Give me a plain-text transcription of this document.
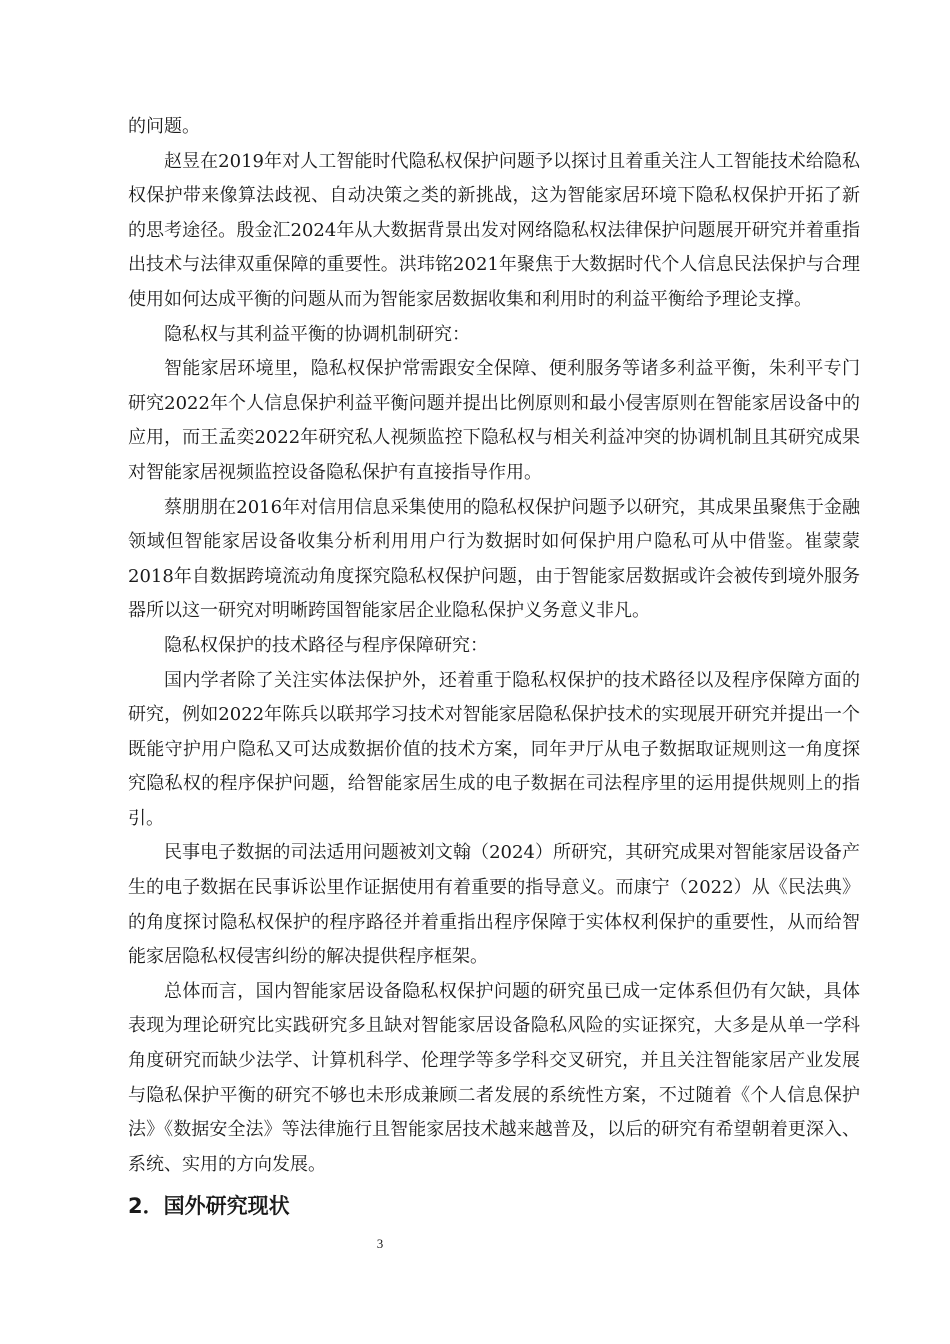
的问题。

赵昱在2019年对人工智能时代隐私权保护问题予以探讨且着重关注人工智能技术给隐私权保护带来像算法歧视、自动决策之类的新挑战，这为智能家居环境下隐私权保护开拓了新的思考途径。殷金汇2024年从大数据背景出发对网络隐私权法律保护问题展开研究并着重指出技术与法律双重保障的重要性。洪玮铭2021年聚焦于大数据时代个人信息民法保护与合理使用如何达成平衡的问题从而为智能家居数据收集和利用时的利益平衡给予理论支撑。

隐私权与其利益平衡的协调机制研究：

智能家居环境里，隐私权保护常需跟安全保障、便利服务等诸多利益平衡，朱利平专门研究2022年个人信息保护利益平衡问题并提出比例原则和最小侵害原则在智能家居设备中的应用，而王孟奕2022年研究私人视频监控下隐私权与相关利益冲突的协调机制且其研究成果对智能家居视频监控设备隐私保护有直接指导作用。

蔡朋朋在2016年对信用信息采集使用的隐私权保护问题予以研究，其成果虽聚焦于金融领域但智能家居设备收集分析利用用户行为数据时如何保护用户隐私可从中借鉴。崔蒙蒙2018年自数据跨境流动角度探究隐私权保护问题，由于智能家居数据或许会被传到境外服务器所以这一研究对明晰跨国智能家居企业隐私保护义务意义非凡。

隐私权保护的技术路径与程序保障研究：

国内学者除了关注实体法保护外，还着重于隐私权保护的技术路径以及程序保障方面的研究，例如2022年陈兵以联邦学习技术对智能家居隐私保护技术的实现展开研究并提出一个既能守护用户隐私又可达成数据价值的技术方案，同年尹厅从电子数据取证规则这一角度探究隐私权的程序保护问题，给智能家居生成的电子数据在司法程序里的运用提供规则上的指引。

民事电子数据的司法适用问题被刘文翰（2024）所研究，其研究成果对智能家居设备产生的电子数据在民事诉讼里作证据使用有着重要的指导意义。而康宁（2022）从《民法典》的角度探讨隐私权保护的程序路径并着重指出程序保障于实体权利保护的重要性，从而给智能家居隐私权侵害纠纷的解决提供程序框架。

总体而言，国内智能家居设备隐私权保护问题的研究虽已成一定体系但仍有欠缺，具体表现为理论研究比实践研究多且缺对智能家居设备隐私风险的实证探究，大多是从单一学科角度研究而缺少法学、计算机科学、伦理学等多学科交叉研究，并且关注智能家居产业发展与隐私保护平衡的研究不够也未形成兼顾二者发展的系统性方案，不过随着《个人信息保护法》《数据安全法》等法律施行且智能家居技术越来越普及，以后的研究有希望朝着更深入、系统、实用的方向发展。

2．国外研究现状
3
